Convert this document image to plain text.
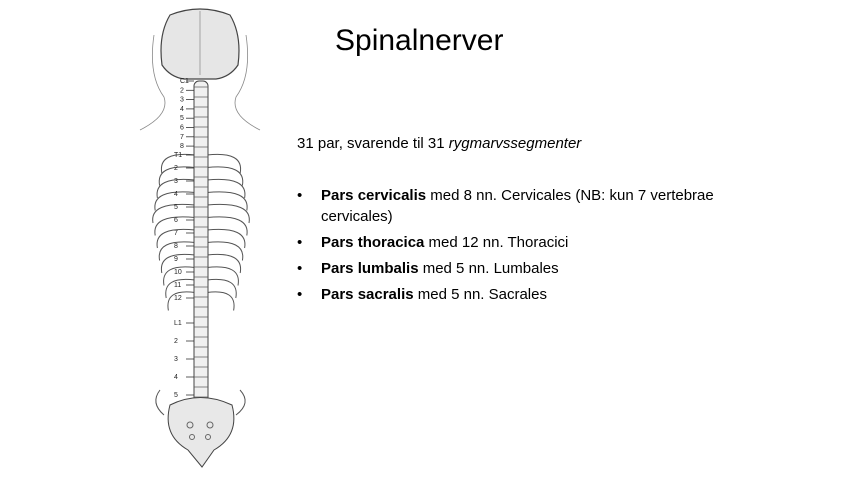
C1
2
3
4
5
6
7
8
T1
2
3
4
5
6
7
8
9
10
11
12
L1
2
3
4
5
Spinalnerver

31 par, svarende til 31 rygmarvssegmenter

• Pars cervicalis med 8 nn. Cervicales (NB: kun 7 vertebrae cervicales)
• Pars thoracica med 12 nn. Thoracici
• Pars lumbalis med 5 nn. Lumbales
• Pars sacralis med 5 nn. Sacrales
